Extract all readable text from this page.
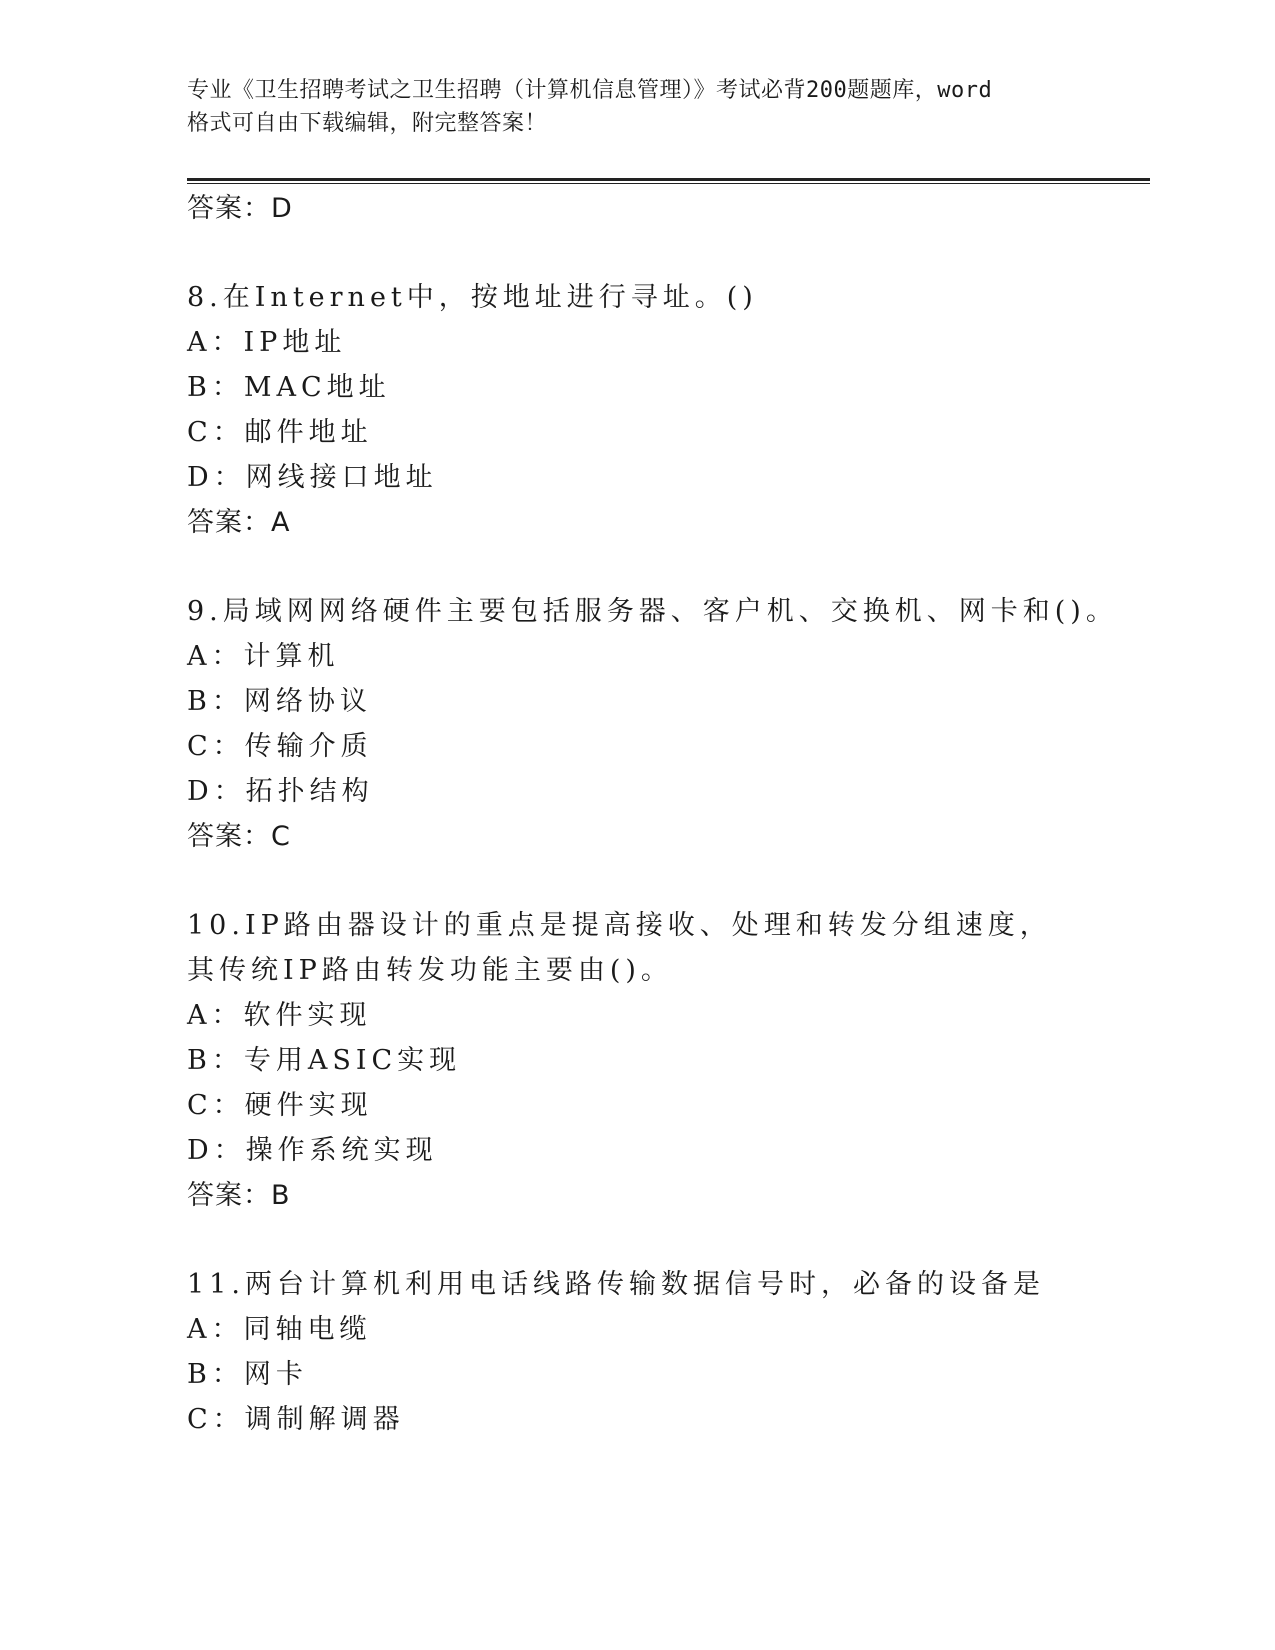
专业《卫生招聘考试之卫生招聘（计算机信息管理）》考试必背200题题库，word
格式可自由下载编辑，附完整答案！
答案：D
8.在Internet中，按地址进行寻址。()
A：IP地址
B：MAC地址
C：邮件地址
D：网线接口地址
答案：A
9.局域网网络硬件主要包括服务器、客户机、交换机、网卡和()。
A：计算机
B：网络协议
C：传输介质
D：拓扑结构
答案：C
10.IP路由器设计的重点是提高接收、处理和转发分组速度，其传统IP路由转发功能主要由()。
A：软件实现
B：专用ASIC实现
C：硬件实现
D：操作系统实现
答案：B
11.两台计算机利用电话线路传输数据信号时，必备的设备是
A：同轴电缆
B：网卡
C：调制解调器
